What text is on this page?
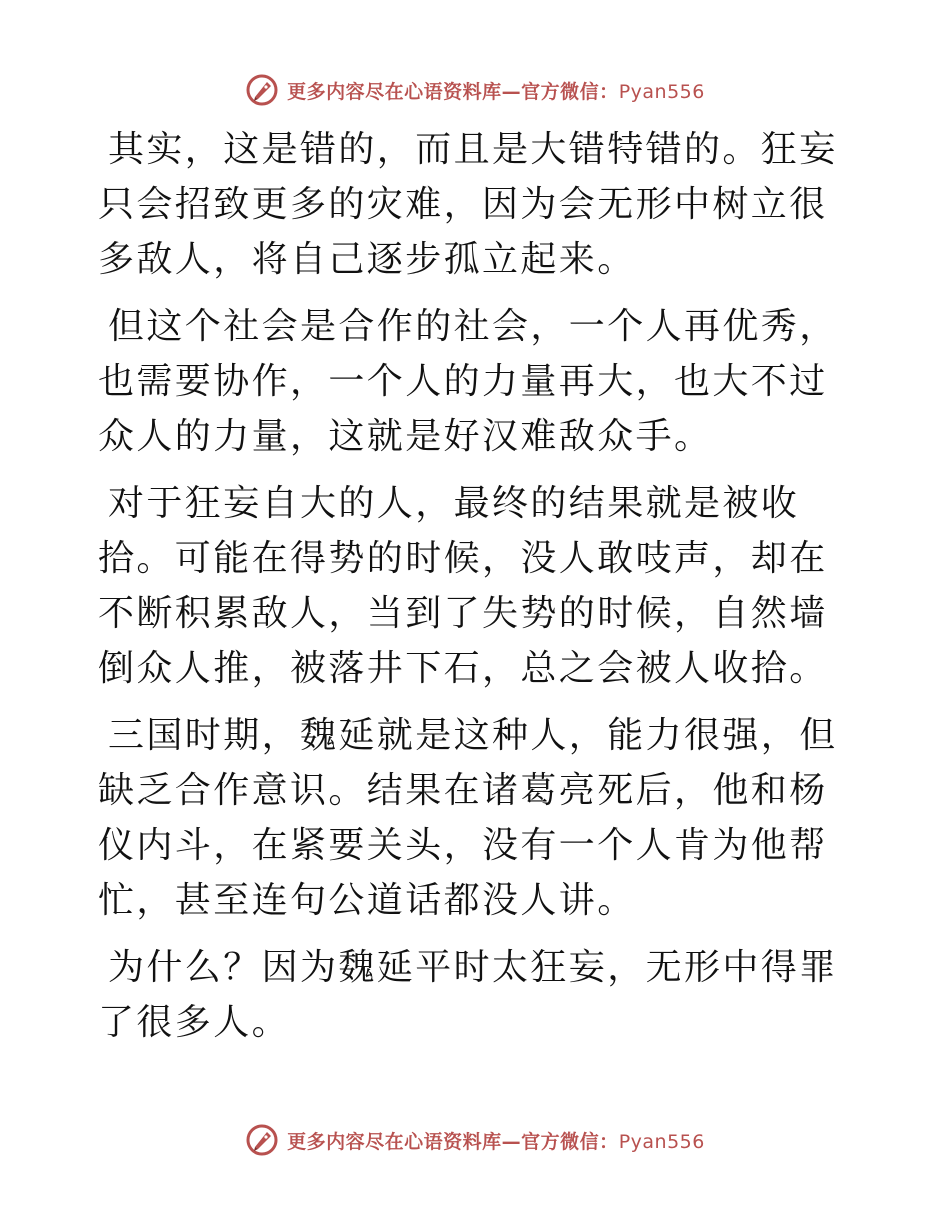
更多内容尽在心语资料库—官方微信：Pyan556

其实，这是错的，而且是大错特错的。狂妄只会招致更多的灾难，因为会无形中树立很多敌人，将自己逐步孤立起来。

但这个社会是合作的社会，一个人再优秀，也需要协作，一个人的力量再大，也大不过众人的力量，这就是好汉难敌众手。

对于狂妄自大的人，最终的结果就是被收拾。可能在得势的时候，没人敢吱声，却在不断积累敌人，当到了失势的时候，自然墙倒众人推，被落井下石，总之会被人收拾。

三国时期，魏延就是这种人，能力很强，但缺乏合作意识。结果在诸葛亮死后，他和杨仪内斗，在紧要关头，没有一个人肯为他帮忙，甚至连句公道话都没人讲。

为什么？因为魏延平时太狂妄，无形中得罪了很多人。

更多内容尽在心语资料库—官方微信：Pyan556
